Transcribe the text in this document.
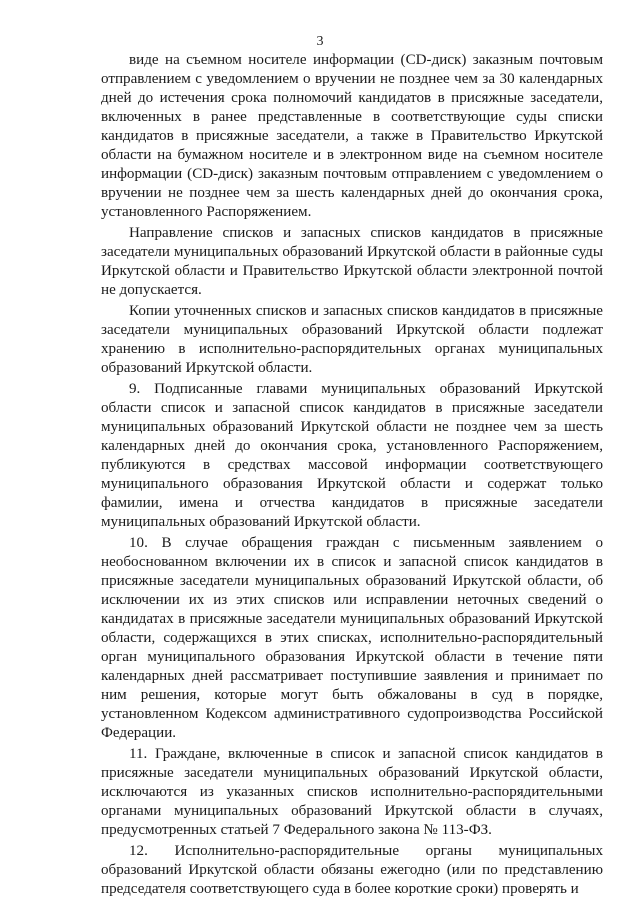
3
виде на съемном носителе информации (CD-диск) заказным почтовым
отправлением с уведомлением о вручении не позднее чем за 30 календарных
дней до истечения срока полномочий кандидатов в присяжные заседатели,
включенных в ранее представленные в соответствующие суды списки
кандидатов в присяжные заседатели, а также в Правительство Иркутской
области на бумажном носителе и в электронном виде на съемном носителе
информации (CD-диск) заказным почтовым отправлением с уведомлением о
вручении не позднее чем за шесть календарных дней до окончания срока,
установленного Распоряжением.
Направление списков и запасных списков кандидатов в присяжные
заседатели муниципальных образований Иркутской области в районные суды
Иркутской области и Правительство Иркутской области электронной почтой
не допускается.
Копии уточненных списков и запасных списков кандидатов в присяжные
заседатели муниципальных образований Иркутской области подлежат
хранению в исполнительно-распорядительных органах муниципальных
образований Иркутской области.
9. Подписанные главами муниципальных образований Иркутской
области список и запасной список кандидатов в присяжные заседатели
муниципальных образований Иркутской области не позднее чем за шесть
календарных дней до окончания срока, установленного Распоряжением,
публикуются в средствах массовой информации соответствующего
муниципального образования Иркутской области и содержат только
фамилии, имена и отчества кандидатов в присяжные заседатели
муниципальных образований Иркутской области.
10. В случае обращения граждан с письменным заявлением о
необоснованном включении их в список и запасной список кандидатов в
присяжные заседатели муниципальных образований Иркутской области, об
исключении их из этих списков или исправлении неточных сведений о
кандидатах в присяжные заседатели муниципальных образований Иркутской
области, содержащихся в этих списках, исполнительно-распорядительный
орган муниципального образования Иркутской области в течение пяти
календарных дней рассматривает поступившие заявления и принимает по
ним решения, которые могут быть обжалованы в суд в порядке,
установленном Кодексом административного судопроизводства Российской
Федерации.
11. Граждане, включенные в список и запасной список кандидатов в
присяжные заседатели муниципальных образований Иркутской области,
исключаются из указанных списков исполнительно-распорядительными
органами муниципальных образований Иркутской области в случаях,
предусмотренных статьей 7 Федерального закона № 113-ФЗ.
12. Исполнительно-распорядительные органы муниципальных
образований Иркутской области обязаны ежегодно (или по представлению
председателя соответствующего суда в более короткие сроки) проверять и
